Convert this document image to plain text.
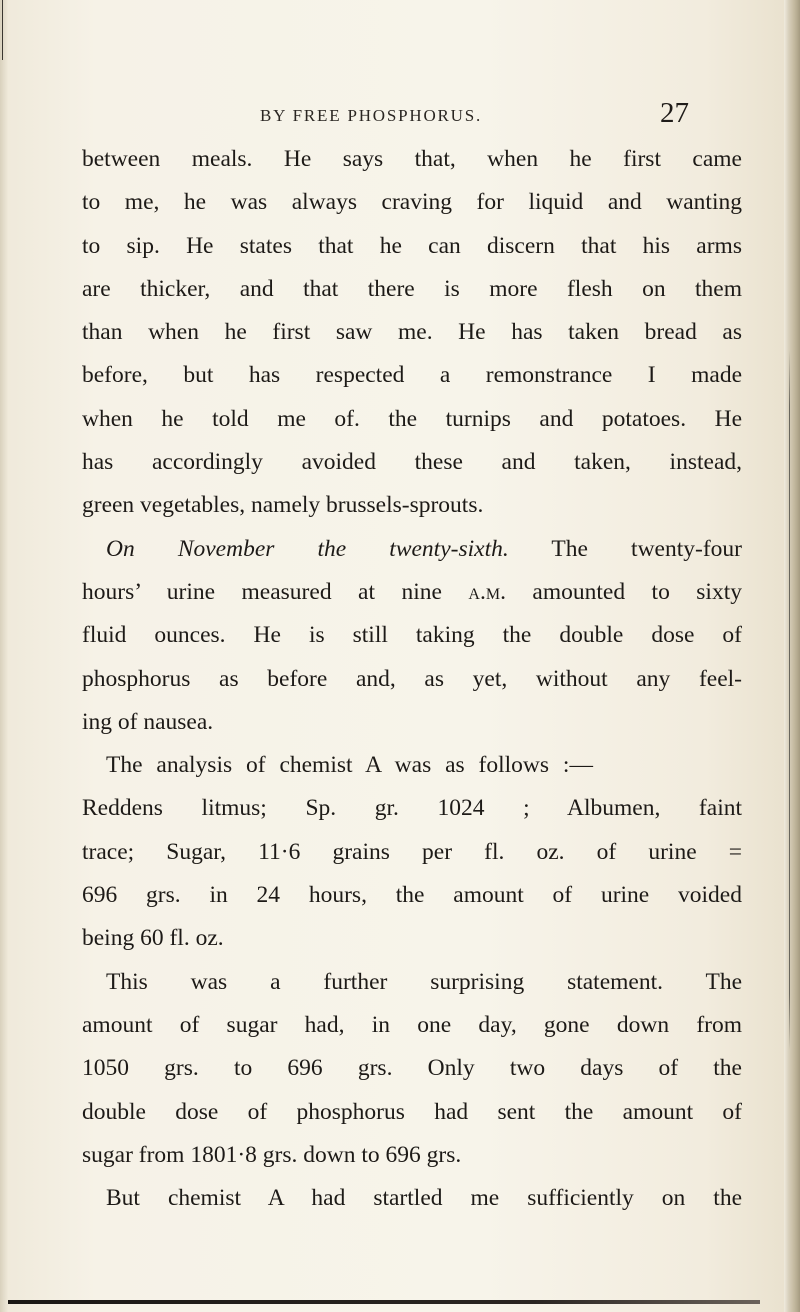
BY FREE PHOSPHORUS.	27
between meals. He says that, when he first came
to me, he was always craving for liquid and wanting
to sip. He states that he can discern that his arms
are thicker, and that there is more flesh on them
than when he first saw me. He has taken bread as
before, but has respected a remonstrance I made
when he told me of. the turnips and potatoes. He
has accordingly avoided these and taken, instead,
green vegetables, namely brussels-sprouts.
On November the twenty-sixth. The twenty-four
hours’ urine measured at nine a.m. amounted to sixty
fluid ounces. He is still taking the double dose of
phosphorus as before and, as yet, without any feel-
ing of nausea.
The analysis of chemist A was as follows :—
Reddens litmus; Sp. gr. 1024 ; Albumen, faint
trace; Sugar, 11·6 grains per fl. oz. of urine =
696 grs. in 24 hours, the amount of urine voided
being 60 fl. oz.
This was a further surprising statement. The
amount of sugar had, in one day, gone down from
1050 grs. to 696 grs. Only two days of the
double dose of phosphorus had sent the amount of
sugar from 1801·8 grs. down to 696 grs.
But chemist A had startled me sufficiently on the
